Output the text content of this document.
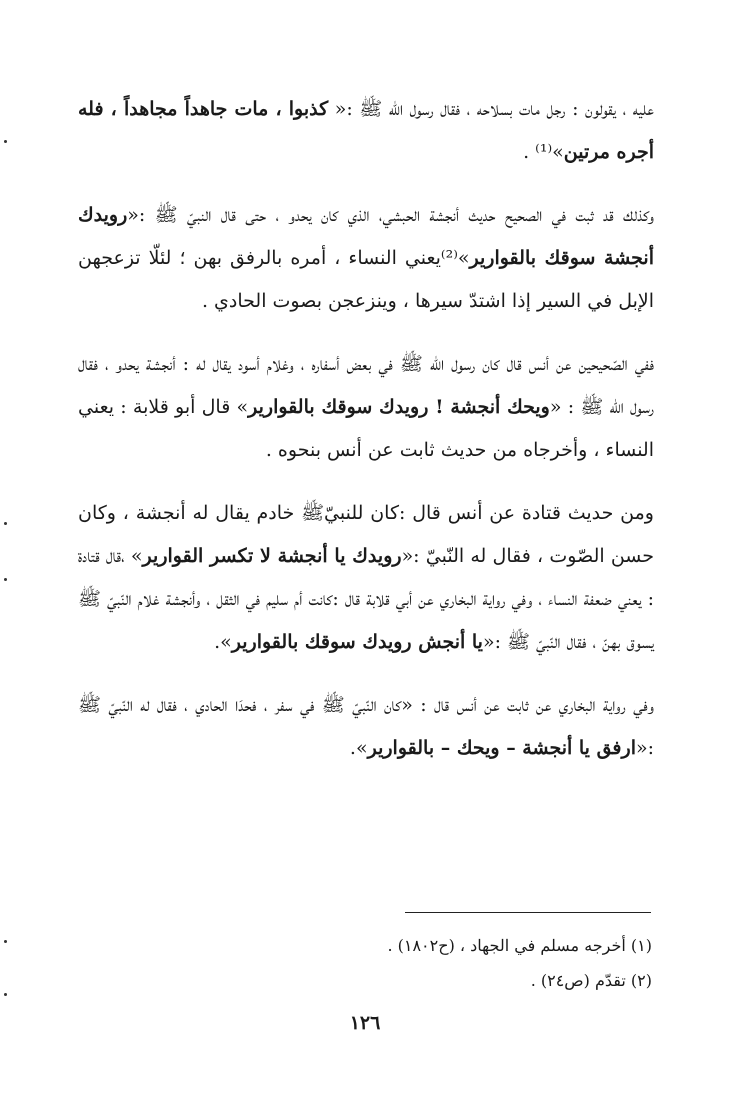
عليه ، يقولون : رجل مات بسلاحه ، فقال رسول الله ﷺ :« كذبوا ، مات جاهداً مجاهداً ، فله أجره مرتين»⁽¹⁾ .

وكذلك قد ثبت في الصحيح حديث أنجشة الحبشي، الذي كان يحدو ، حتى قال النبيّ ﷺ :«رويدك أنجشة سوقك بالقوارير»⁽²⁾يعني النساء ، أمره بالرفق بهن ؛ لئلّا تزعجهن الإبل في السير إذا اشتدّ سيرها ، وينزعجن بصوت الحادي .

ففي الصّحيحين عن أنس قال كان رسول الله ﷺ في بعض أسفاره ، وغلام أسود يقال له : أنجشة يحدو ، فقال رسول الله ﷺ : «ويحك أنجشة ! رويدك سوقك بالقوارير» قال أبو قلابة : يعني النساء ، وأخرجاه من حديث ثابت عن أنس بنحوه .

ومن حديث قتادة عن أنس قال :كان للنبيّﷺ خادم يقال له أنجشة ، وكان حسن الصّوت ، فقال له النّبيّ :«رويدك يا أنجشة لا تكسر القوارير» ،قال قتادة : يعني ضعفة النساء ، وفي رواية البخاري عن أبي قلابة قال :كانت أم سليم في الثقل ، وأنجشة غلام النّبيّ ﷺ يسوق بهنّ ، فقال النّبيّ ﷺ :«يا أنجش رويدك سوقك بالقوارير».

وفي رواية البخاري عن ثابت عن أنس قال : «كان النّبيّ ﷺ في سفر ، فحدَا الحادي ، فقال له النّبيّ ﷺ :«ارفق يا أنجشة – ويحك – بالقوارير».

(١) أخرجه مسلم في الجهاد ، (ح١٨٠٢) .

(٢) تقدّم (ص٢٤) .

١٢٦
